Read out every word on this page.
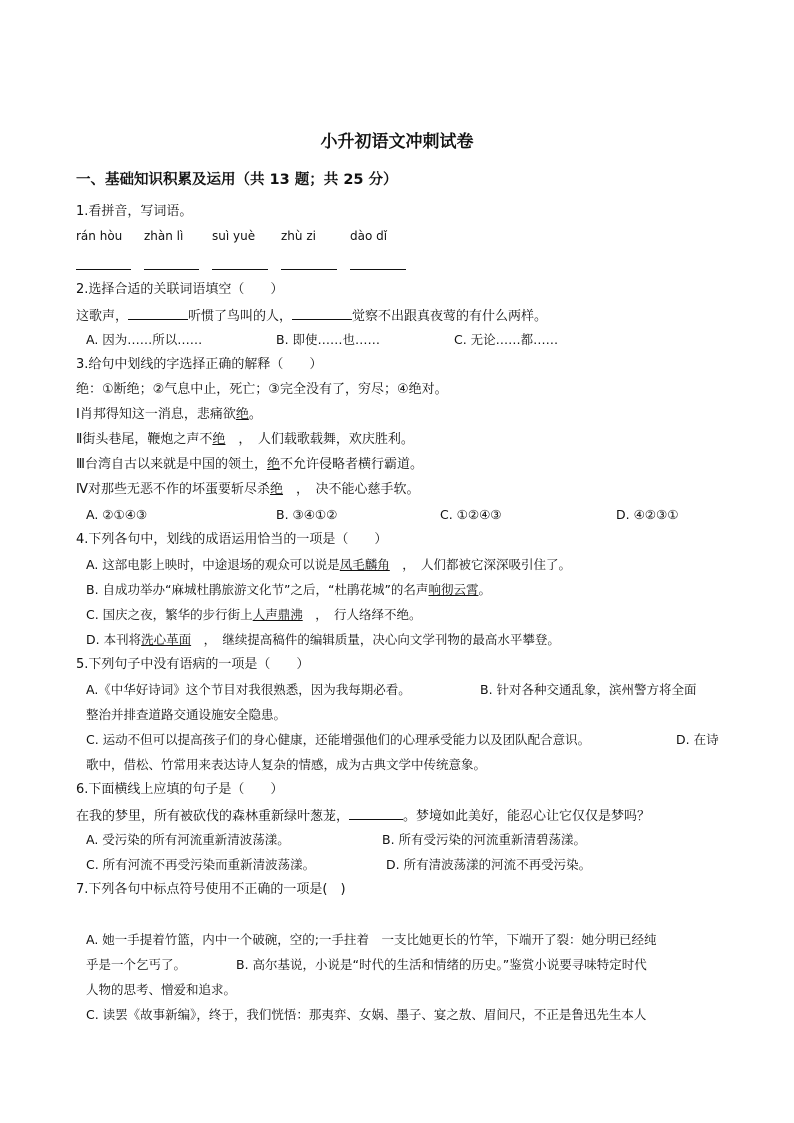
小升初语文冲刺试卷
一、基础知识积累及运用（共 13 题；共 25 分）
1.看拼音，写词语。
rán hòu zhàn lì suì yuè zhù zi	dào dǐ
2.选择合适的关联词语填空（　　）
这歌声，	听惯了鸟叫的人，	觉察不出跟真夜莺的有什么两样。
A. 因为……所以……	B. 即使……也……	C. 无论……都……
3.给句中划线的字选择正确的解释（　　）
绝：①断绝；②气息中止，死亡；③完全没有了，穷尽；④绝对。
Ⅰ肖邦得知这一消息，悲痛欲绝。
Ⅱ街头巷尾，鞭炮之声不绝　，　人们载歌载舞，欢庆胜利。
Ⅲ台湾自古以来就是中国的领土，绝不允许侵略者横行霸道。
Ⅳ对那些无恶不作的坏蛋要斩尽杀绝　，　决不能心慈手软。
A. ②①④③	B. ③④①②	C. ①②④③	D. ④②③①
4.下列各句中，划线的成语运用恰当的一项是（　　）
A. 这部电影上映时，中途退场的观众可以说是凤毛麟角　，　人们都被它深深吸引住了。
B. 自成功举办“麻城杜鹃旅游文化节”之后，“杜鹃花城”的名声响彻云霄。
C. 国庆之夜，繁华的步行街上人声鼎沸　，　行人络绎不绝。
D. 本刊将洗心革面　，　继续提高稿件的编辑质量，决心向文学刊物的最高水平攀登。
5.下列句子中没有语病的一项是（　　）
A.《中华好诗词》这个节目对我很熟悉，因为我每期必看。	B. 针对各种交通乱象，滨州警方将全面
整治并排查道路交通设施安全隐患。
C. 运动不但可以提高孩子们的身心健康，还能增强他们的心理承受能力以及团队配合意识。	D. 在诗
歌中，借松、竹常用来表达诗人复杂的情感，成为古典文学中传统意象。
6.下面横线上应填的句子是（　　）
在我的梦里，所有被砍伐的森林重新绿叶葱茏，	。梦境如此美好，能忍心让它仅仅是梦吗？
A. 受污染的所有河流重新清波荡漾。	B. 所有受污染的河流重新清碧荡漾。
C. 所有河流不再受污染而重新清波荡漾。	D. 所有清波荡漾的河流不再受污染。
7.下列各句中标点符号使用不正确的一项是(　)
A. 她一手提着竹篮，内中一个破碗，空的;一手拄着　一支比她更长的竹竿，下端开了裂：她分明已经纯
乎是一个乞丐了。	B. 高尔基说，小说是“时代的生活和情绪的历史。”鉴赏小说要寻味特定时代
人物的思考、憎爱和追求。
C. 读罢《故事新编》，终于，我们恍悟：那夷弈、女娲、墨子、宴之敖、眉间尺，不正是鲁迅先生本人
